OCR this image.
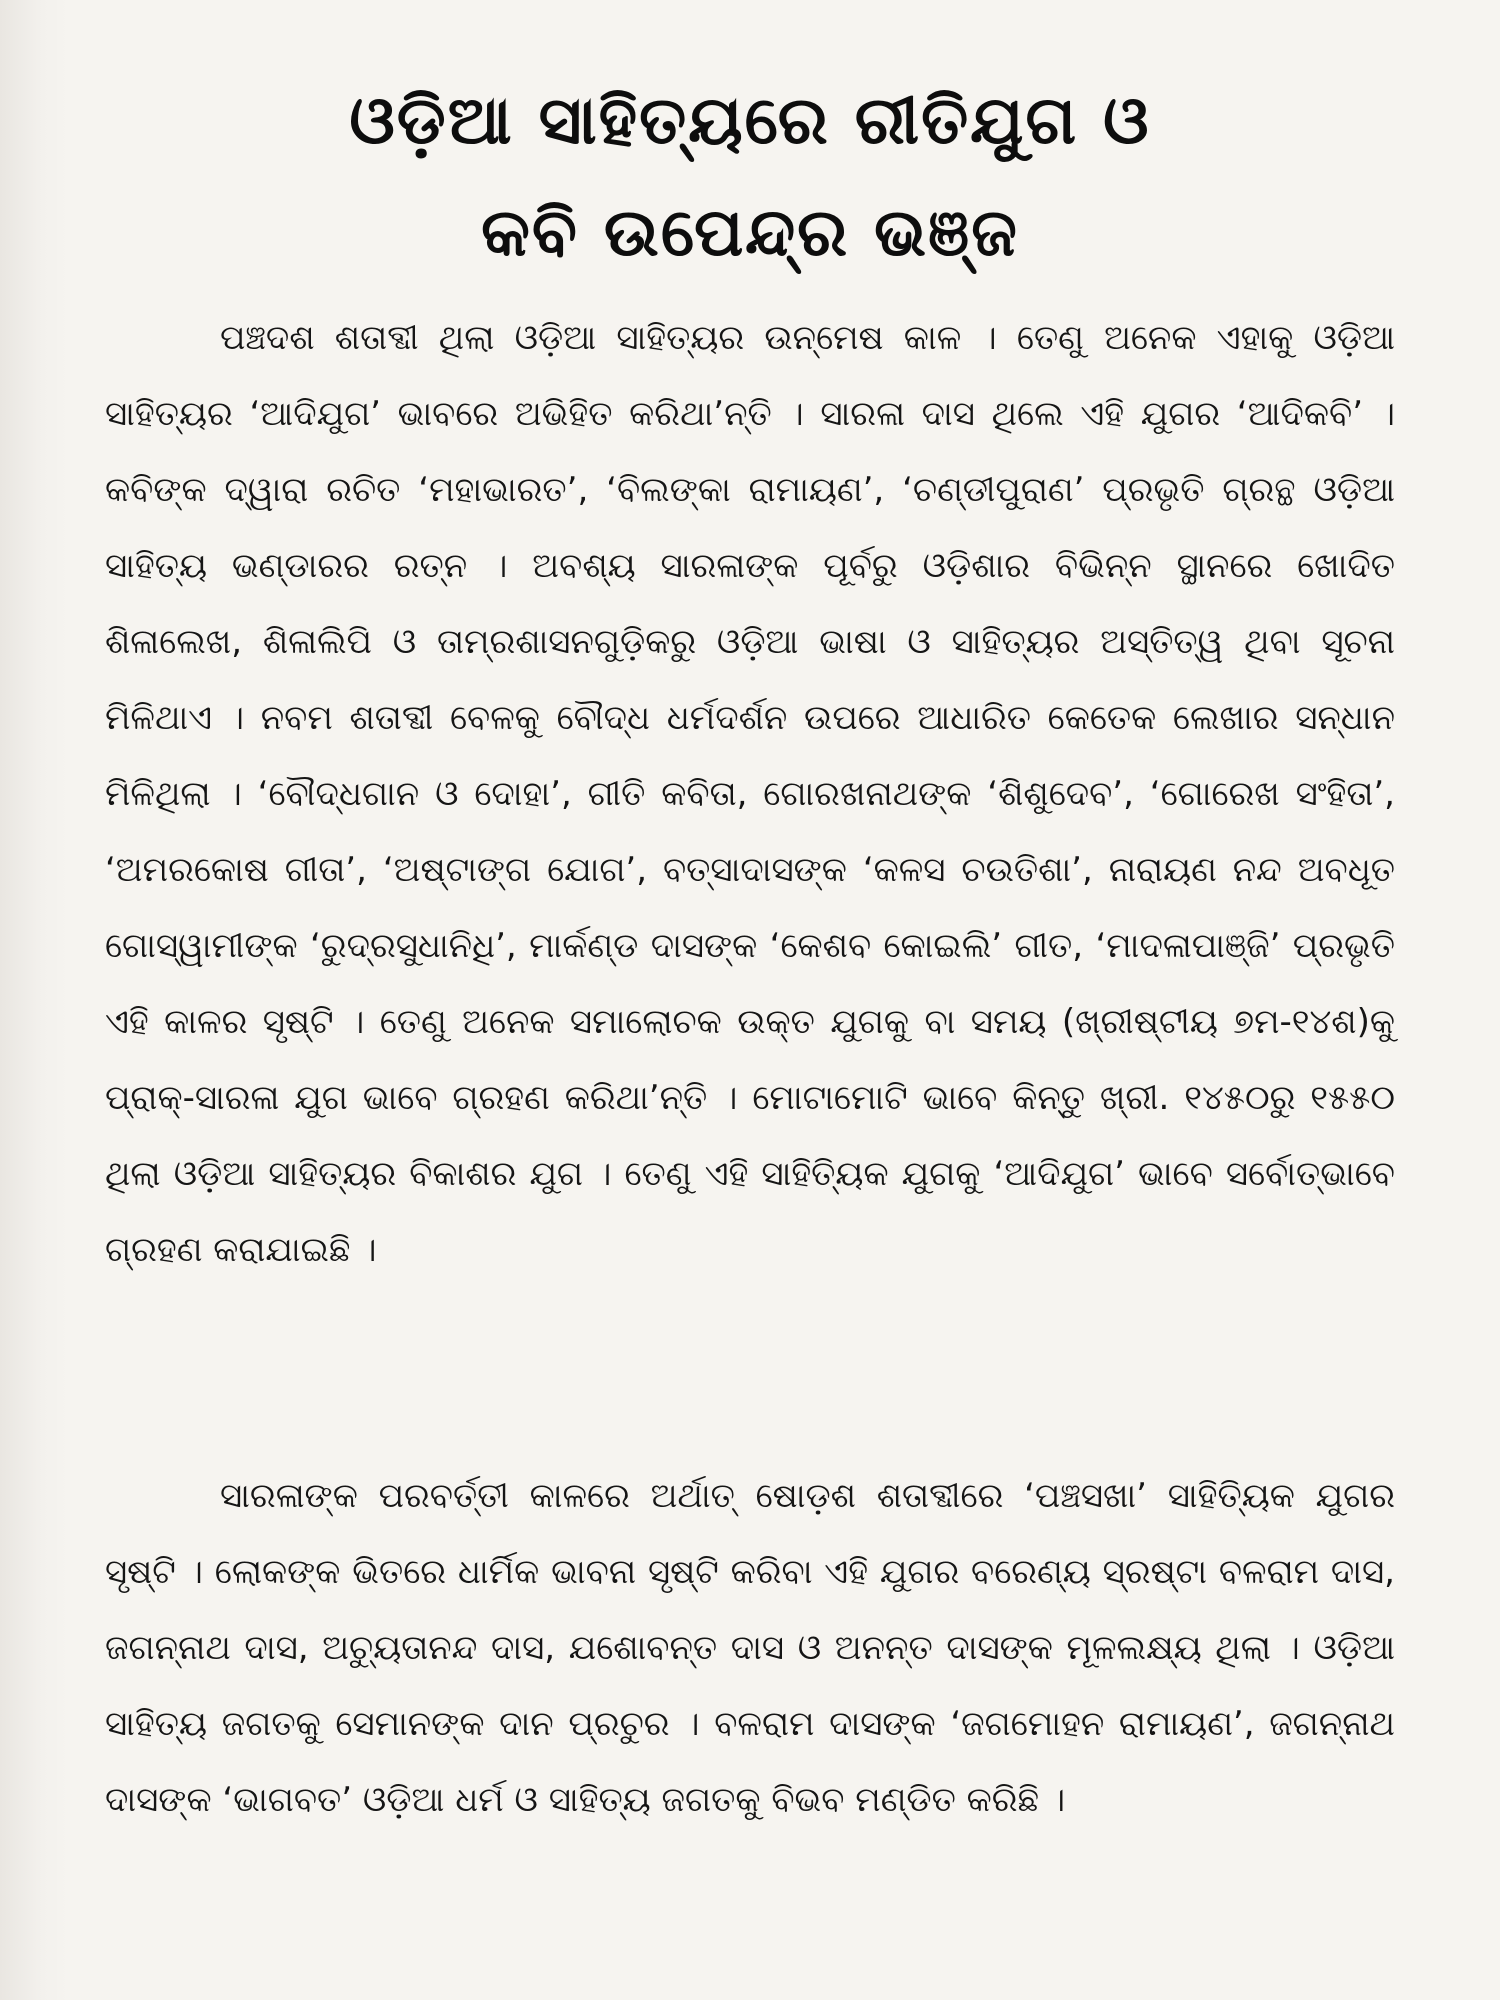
ଓଡ଼ିଆ ସାହିତ୍ୟରେ ରୀତିଯୁଗ ଓ
କବି ଉପେନ୍ଦ୍ର ଭଞ୍ଜ

ପଞ୍ଚଦଶ ଶତାବ୍ଦୀ ଥିଲା ଓଡ଼ିଆ ସାହିତ୍ୟର ଉନ୍ମେଷ କାଳ । ତେଣୁ ଅନେକ ଏହାକୁ ଓଡ଼ିଆ ସାହିତ୍ୟର ‘ଆଦିଯୁଗ’ ଭାବରେ ଅଭିହିତ କରିଥା’ନ୍ତି । ସାରଳା ଦାସ ଥିଲେ ଏହି ଯୁଗର ‘ଆଦିକବି’ । କବିଙ୍କ ଦ୍ୱାରା ରଚିତ ‘ମହାଭାରତ’, ‘ବିଲଙ୍କା ରାମାୟଣ’, ‘ଚଣ୍ଡୀପୁରାଣ’ ପ୍ରଭୃତି ଗ୍ରନ୍ଥ ଓଡ଼ିଆ ସାହିତ୍ୟ ଭଣ୍ଡାରର ରତ୍ନ । ଅବଶ୍ୟ ସାରଳାଙ୍କ ପୂର୍ବରୁ ଓଡ଼ିଶାର ବିଭିନ୍ନ ସ୍ଥାନରେ ଖୋଦିତ ଶିଳାଲେଖ, ଶିଳାଲିପି ଓ ତାମ୍ରଶାସନଗୁଡ଼ିକରୁ ଓଡ଼ିଆ ଭାଷା ଓ ସାହିତ୍ୟର ଅସ୍ତିତ୍ୱ ଥିବା ସୂଚନା ମିଳିଥାଏ । ନବମ ଶତାବ୍ଦୀ ବେଳକୁ ବୌଦ୍ଧ ଧର୍ମଦର୍ଶନ ଉପରେ ଆଧାରିତ କେତେକ ଲେଖାର ସନ୍ଧାନ ମିଳିଥିଲା । ‘ବୌଦ୍ଧଗାନ ଓ ଦୋହା’, ଗୀତି କବିତା, ଗୋରଖନାଥଙ୍କ ‘ଶିଶୁଦେବ’, ‘ଗୋରେଖ ସଂହିତା’, ‘ଅମରକୋଷ ଗୀତା’, ‘ଅଷ୍ଟାଙ୍ଗ ଯୋଗ’, ବତ୍ସାଦାସଙ୍କ ‘କଳସ ଚଉତିଶା’, ନାରାୟଣ ନନ୍ଦ ଅବଧୂତ ଗୋସ୍ୱାମୀଙ୍କ ‘ରୁଦ୍ରସୁଧାନିଧି’, ମାର୍କଣ୍ଡ ଦାସଙ୍କ ‘କେଶବ କୋଇଲି’ ଗୀତ, ‘ମାଦଳାପାଞ୍ଜି’ ପ୍ରଭୃତି ଏହି କାଳର ସୃଷ୍ଟି । ତେଣୁ ଅନେକ ସମାଲୋଚକ ଉକ୍ତ ଯୁଗକୁ ବା ସମୟ (ଖ୍ରୀଷ୍ଟୀୟ ୭ମ-୧୪ଶ)କୁ ପ୍ରାକ୍-ସାରଳା ଯୁଗ ଭାବେ ଗ୍ରହଣ କରିଥା’ନ୍ତି । ମୋଟାମୋଟି ଭାବେ କିନ୍ତୁ ଖ୍ରୀ. ୧୪୫୦ରୁ ୧୫୫୦ ଥିଲା ଓଡ଼ିଆ ସାହିତ୍ୟର ବିକାଶର ଯୁଗ । ତେଣୁ ଏହି ସାହିତ୍ୟିକ ଯୁଗକୁ ‘ଆଦିଯୁଗ’ ଭାବେ ସର୍ବୋତ୍‌ଭାବେ ଗ୍ରହଣ କରାଯାଇଛି ।

ସାରଳାଙ୍କ ପରବର୍ତ୍ତୀ କାଳରେ ଅର୍ଥାତ୍ ଷୋଡ଼ଶ ଶତାବ୍ଦୀରେ ‘ପଞ୍ଚସଖା’ ସାହିତ୍ୟିକ ଯୁଗର ସୃଷ୍ଟି । ଲୋକଙ୍କ ଭିତରେ ଧାର୍ମିକ ଭାବନା ସୃଷ୍ଟି କରିବା ଏହି ଯୁଗର ବରେଣ୍ୟ ସ୍ରଷ୍ଟା ବଳରାମ ଦାସ, ଜଗନ୍ନାଥ ଦାସ, ଅଚ୍ୟୁତାନନ୍ଦ ଦାସ, ଯଶୋବନ୍ତ ଦାସ ଓ ଅନନ୍ତ ଦାସଙ୍କ ମୂଳଲକ୍ଷ୍ୟ ଥିଲା । ଓଡ଼ିଆ ସାହିତ୍ୟ ଜଗତକୁ ସେମାନଙ୍କ ଦାନ ପ୍ରଚୁର । ବଳରାମ ଦାସଙ୍କ ‘ଜଗମୋହନ ରାମାୟଣ’, ଜଗନ୍ନାଥ ଦାସଙ୍କ ‘ଭାଗବତ’ ଓଡ଼ିଆ ଧର୍ମ ଓ ସାହିତ୍ୟ ଜଗତକୁ ବିଭବ ମଣ୍ଡିତ କରିଛି ।
